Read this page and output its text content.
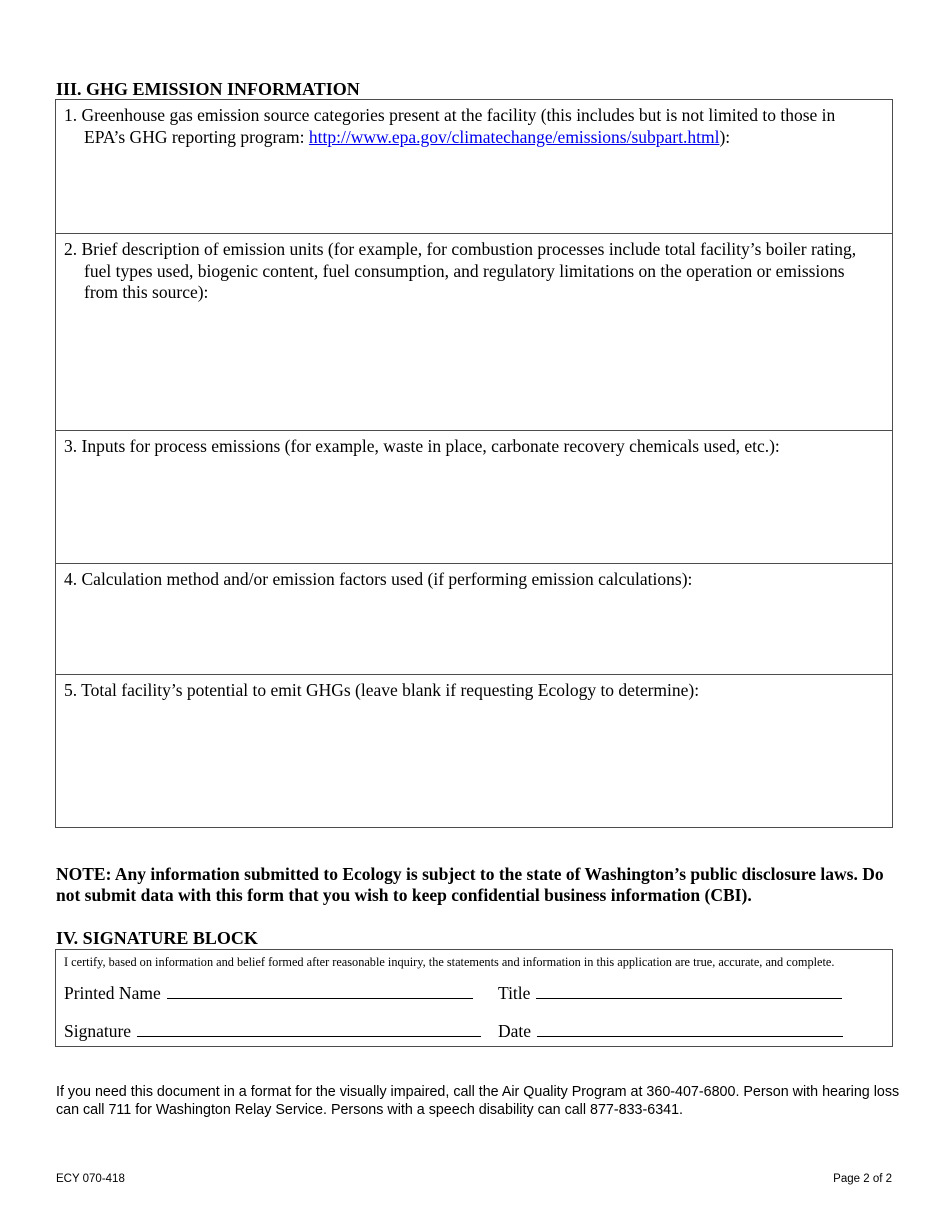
III. GHG EMISSION INFORMATION
1. Greenhouse gas emission source categories present at the facility (this includes but is not limited to those in EPA’s GHG reporting program: http://www.epa.gov/climatechange/emissions/subpart.html):
2. Brief description of emission units (for example, for combustion processes include total facility’s boiler rating, fuel types used, biogenic content, fuel consumption, and regulatory limitations on the operation or emissions from this source):
3. Inputs for process emissions (for example, waste in place, carbonate recovery chemicals used, etc.):
4. Calculation method and/or emission factors used (if performing emission calculations):
5. Total facility’s potential to emit GHGs (leave blank if requesting Ecology to determine):

NOTE: Any information submitted to Ecology is subject to the state of Washington’s public disclosure laws. Do not submit data with this form that you wish to keep confidential business information (CBI).

IV. SIGNATURE BLOCK

I certify, based on information and belief formed after reasonable inquiry, the statements and information in this application are true, accurate, and complete.

Printed Name	Title
Signature	Date

If you need this document in a format for the visually impaired, call the Air Quality Program at 360-407-6800. Person with hearing loss can call 711 for Washington Relay Service. Persons with a speech disability can call 877-833-6341.

ECY 070-418	Page 2 of 2
